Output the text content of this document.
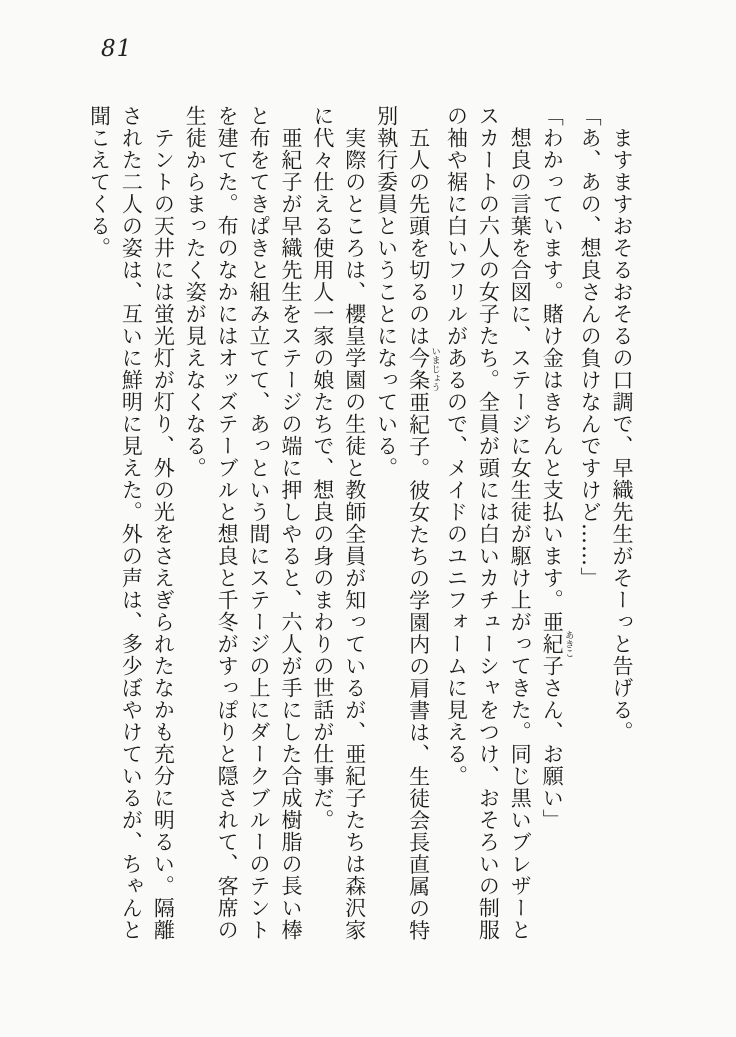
81

ますますおそるおそるの口調で、早織先生がそーっと告げる。

「あ、あの、想良さんの負けなんですけど……」

「わかっています。賭け金はきちんと支払います。亜紀子 あきこさん、お願い」

想良の言葉を合図に、ステージに女生徒が駆け上がってきた。同じ黒いブレザーとスカートの六人の女子たち。全員が頭には白いカチューシャをつけ、おそろいの制服の袖や裾に白いフリルがあるので、メイドのユニフォームに見える。

五人の先頭を切るのは今条 いまじょう亜紀子。彼女たちの学園内の肩書は、生徒会長直属の特別執行委員ということになっている。

実際のところは、櫻皇学園の生徒と教師全員が知っているが、亜紀子たちは森沢家に代々仕える使用人一家の娘たちで、想良の身のまわりの世話が仕事だ。

亜紀子が早織先生をステージの端に押しやると、六人が手にした合成樹脂の長い棒と布をてきぱきと組み立てて、あっという間にステージの上にダークブルーのテントを建てた。布のなかにはオッズテーブルと想良と千冬がすっぽりと隠されて、客席の生徒からまったく姿が見えなくなる。

テントの天井には蛍光灯が灯り、外の光をさえぎられたなかも充分に明るい。隔離された二人の姿は、互いに鮮明に見えた。外の声は、多少ぼやけているが、ちゃんと聞こえてくる。
